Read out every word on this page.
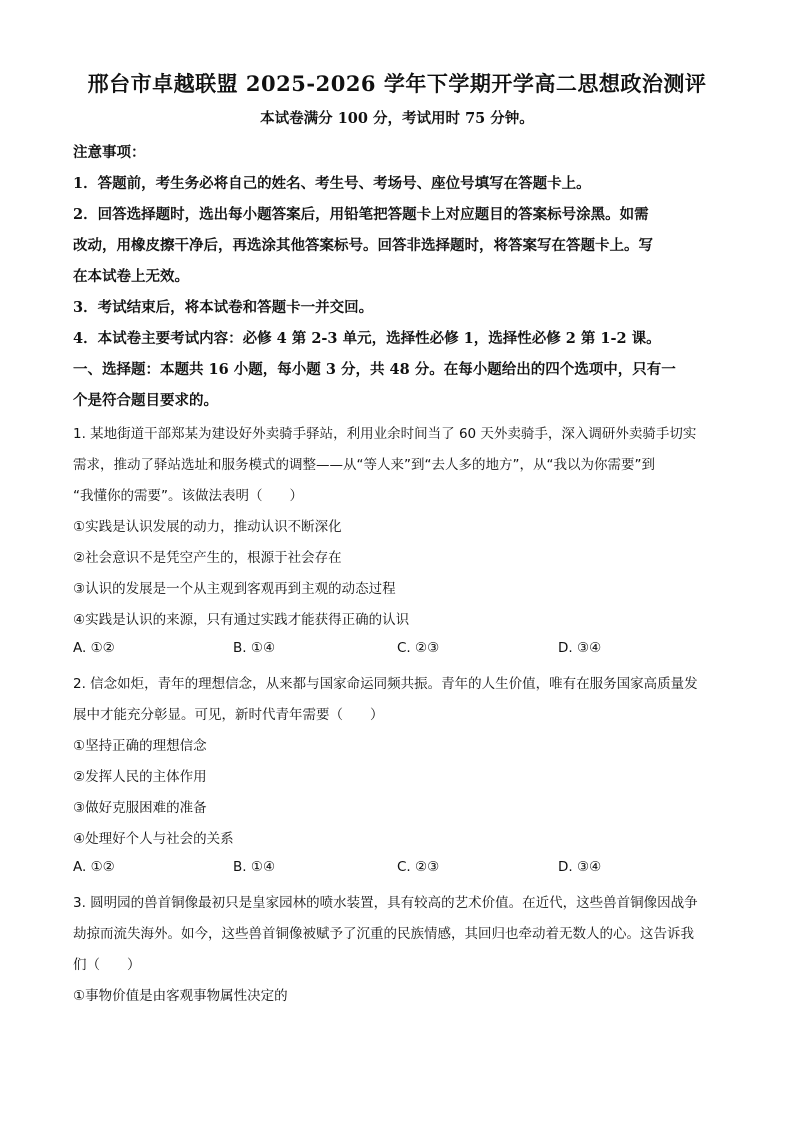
邢台市卓越联盟 2025-2026 学年下学期开学高二思想政治测评
本试卷满分 100 分，考试用时 75 分钟。
注意事项：
1．答题前，考生务必将自己的姓名、考生号、考场号、座位号填写在答题卡上。
2．回答选择题时，选出每小题答案后，用铅笔把答题卡上对应题目的答案标号涂黑。如需
改动，用橡皮擦干净后，再选涂其他答案标号。回答非选择题时，将答案写在答题卡上。写
在本试卷上无效。
3．考试结束后，将本试卷和答题卡一并交回。
4．本试卷主要考试内容：必修 4 第 2-3 单元，选择性必修 1，选择性必修 2 第 1-2 课。
一、选择题：本题共 16 小题，每小题 3 分，共 48 分。在每小题给出的四个选项中，只有一
个是符合题目要求的。
1. 某地街道干部郑某为建设好外卖骑手驿站，利用业余时间当了 60 天外卖骑手，深入调研外卖骑手切实
需求，推动了驿站选址和服务模式的调整——从“等人来”到“去人多的地方”，从“我以为你需要”到
“我懂你的需要”。该做法表明（　　）
①实践是认识发展的动力，推动认识不断深化
②社会意识不是凭空产生的，根源于社会存在
③认识的发展是一个从主观到客观再到主观的动态过程
④实践是认识的来源，只有通过实践才能获得正确的认识
A. ①②	B. ①④	C. ②③	D. ③④
2. 信念如炬，青年的理想信念，从来都与国家命运同频共振。青年的人生价值，唯有在服务国家高质量发
展中才能充分彰显。可见，新时代青年需要（　　）
①坚持正确的理想信念
②发挥人民的主体作用
③做好克服困难的准备
④处理好个人与社会的关系
A. ①②	B. ①④	C. ②③	D. ③④
3. 圆明园的兽首铜像最初只是皇家园林的喷水装置，具有较高的艺术价值。在近代，这些兽首铜像因战争
劫掠而流失海外。如今，这些兽首铜像被赋予了沉重的民族情感，其回归也牵动着无数人的心。这告诉我
们（　　）
①事物价值是由客观事物属性决定的
